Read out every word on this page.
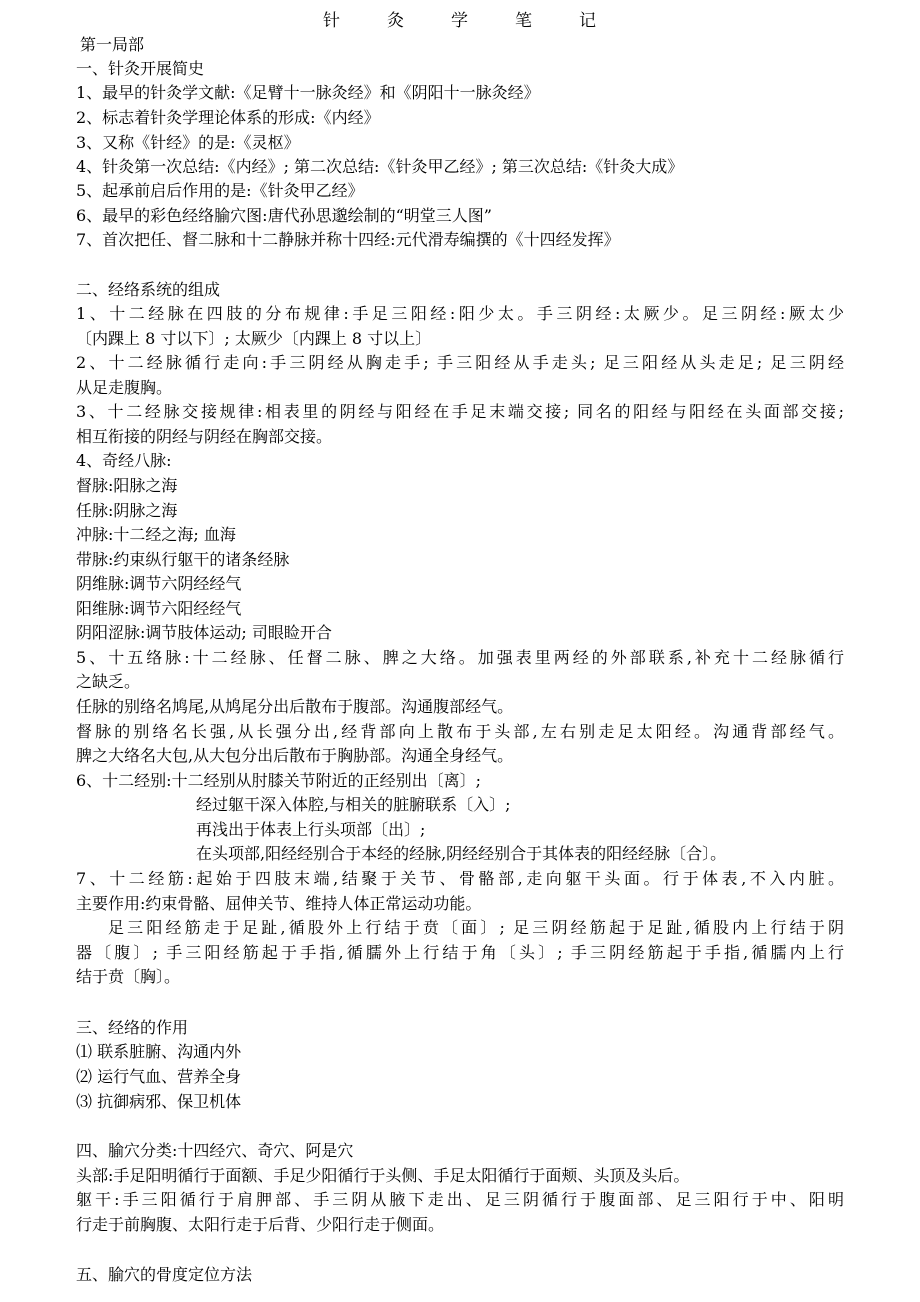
针	灸	学	笔	记
第一局部
一、针灸开展简史
1、最早的针灸学文献:《足臂十一脉灸经》和《阴阳十一脉灸经》
2、标志着针灸学理论体系的形成:《内经》
3、又称《针经》的是:《灵枢》
4、针灸第一次总结:《内经》; 第二次总结:《针灸甲乙经》; 第三次总结:《针灸大成》
5、起承前启后作用的是:《针灸甲乙经》
6、最早的彩色经络腧穴图:唐代孙思邈绘制的“明堂三人图”
7、首次把任、督二脉和十二静脉并称十四经:元代滑寿编撰的《十四经发挥》
二、经络系统的组成
1、十二经脉在四肢的分布规律:手足三阳经:阳少太。手三阴经:太厥少。足三阴经:厥太少
〔内踝上 8 寸以下〕; 太厥少〔内踝上 8 寸以上〕
2、十二经脉循行走向:手三阴经从胸走手; 手三阳经从手走头; 足三阳经从头走足; 足三阴经
从足走腹胸。
3、十二经脉交接规律:相表里的阴经与阳经在手足末端交接; 同名的阳经与阳经在头面部交接;
相互衔接的阴经与阴经在胸部交接。
4、奇经八脉:
督脉:阳脉之海
任脉:阴脉之海
冲脉:十二经之海; 血海
带脉:约束纵行躯干的诸条经脉
阴维脉:调节六阴经经气
阳维脉:调节六阳经经气
阴阳涩脉:调节肢体运动; 司眼睑开合
5、十五络脉:十二经脉、任督二脉、脾之大络。加强表里两经的外部联系,补充十二经脉循行
之缺乏。
任脉的别络名鸠尾,从鸠尾分出后散布于腹部。沟通腹部经气。
督脉的别络名长强,从长强分出,经背部向上散布于头部,左右别走足太阳经。沟通背部经气。
脾之大络名大包,从大包分出后散布于胸胁部。沟通全身经气。
6、十二经别:十二经别从肘膝关节附近的正经别出〔离〕;
经过躯干深入体腔,与相关的脏腑联系〔入〕;
再浅出于体表上行头项部〔出〕;
在头项部,阳经经别合于本经的经脉,阴经经别合于其体表的阳经经脉〔合〕。
7、十二经筋:起始于四肢末端,结聚于关节、骨骼部,走向躯干头面。行于体表,不入内脏。
主要作用:约束骨骼、屈伸关节、维持人体正常运动功能。
足三阳经筋走于足趾,循股外上行结于贲〔面〕; 足三阴经筋起于足趾,循股内上行结于阴
器〔腹〕; 手三阳经筋起于手指,循臑外上行结于角〔头〕; 手三阴经筋起于手指,循臑内上行
结于贲〔胸〕。
三、经络的作用
⑴ 联系脏腑、沟通内外
⑵ 运行气血、营养全身
⑶ 抗御病邪、保卫机体
四、腧穴分类:十四经穴、奇穴、阿是穴
头部:手足阳明循行于面额、手足少阳循行于头侧、手足太阳循行于面颊、头顶及头后。
躯干:手三阳循行于肩胛部、手三阴从腋下走出、足三阴循行于腹面部、足三阳行于中、阳明
行走于前胸腹、太阳行走于后背、少阳行走于侧面。
五、腧穴的骨度定位方法
